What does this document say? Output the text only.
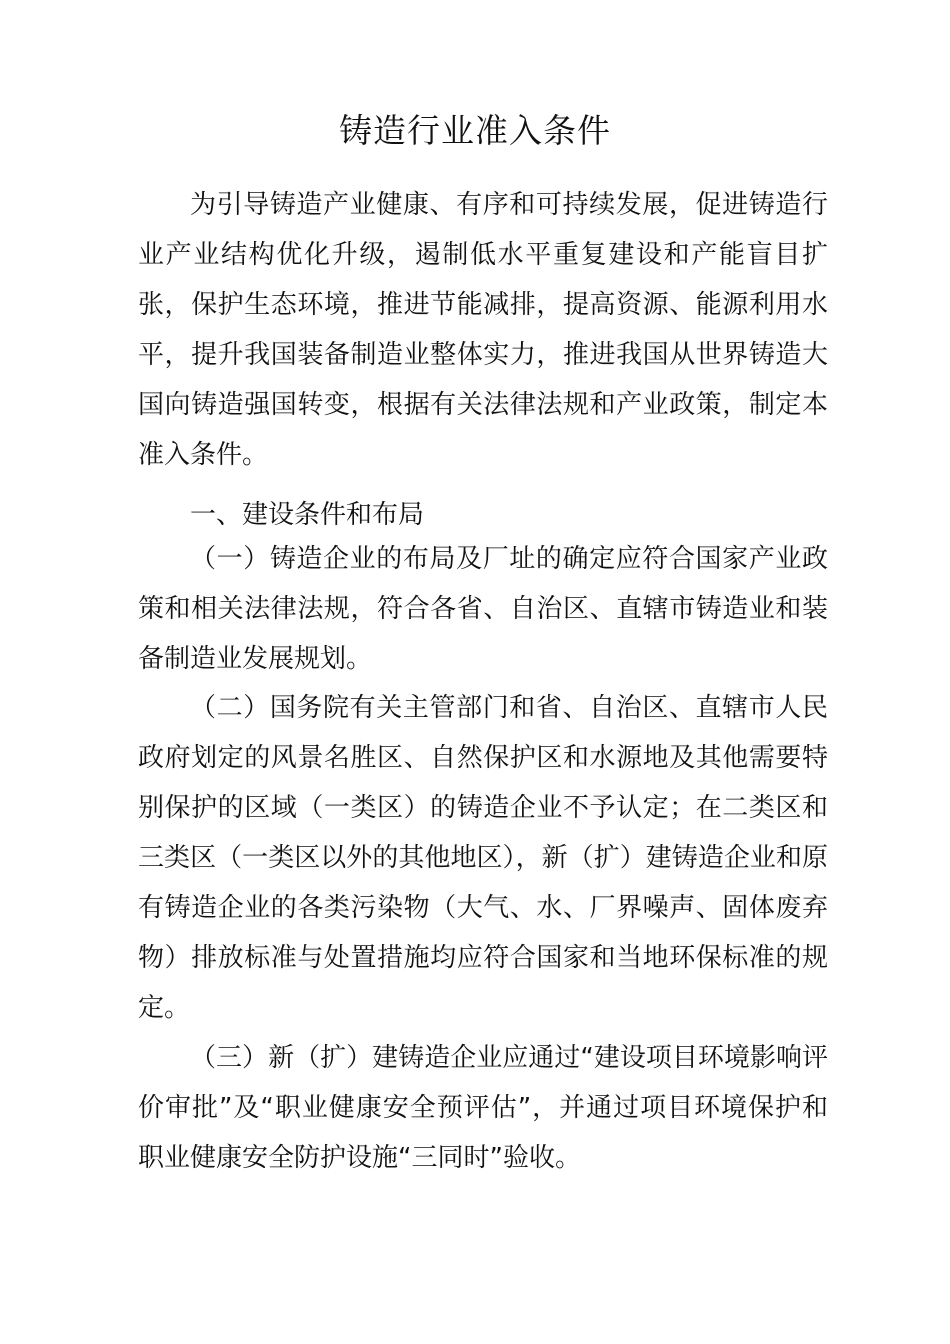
铸造行业准入条件

为引导铸造产业健康、有序和可持续发展，促进铸造行业产业结构优化升级，遏制低水平重复建设和产能盲目扩张，保护生态环境，推进节能减排，提高资源、能源利用水平，提升我国装备制造业整体实力，推进我国从世界铸造大国向铸造强国转变，根据有关法律法规和产业政策，制定本准入条件。

一、建设条件和布局

（一）铸造企业的布局及厂址的确定应符合国家产业政策和相关法律法规，符合各省、自治区、直辖市铸造业和装备制造业发展规划。

（二）国务院有关主管部门和省、自治区、直辖市人民政府划定的风景名胜区、自然保护区和水源地及其他需要特别保护的区域（一类区）的铸造企业不予认定；在二类区和三类区（一类区以外的其他地区），新（扩）建铸造企业和原有铸造企业的各类污染物（大气、水、厂界噪声、固体废弃物）排放标准与处置措施均应符合国家和当地环保标准的规定。

（三）新（扩）建铸造企业应通过“建设项目环境影响评价审批”及“职业健康安全预评估”，并通过项目环境保护和职业健康安全防护设施“三同时”验收。
